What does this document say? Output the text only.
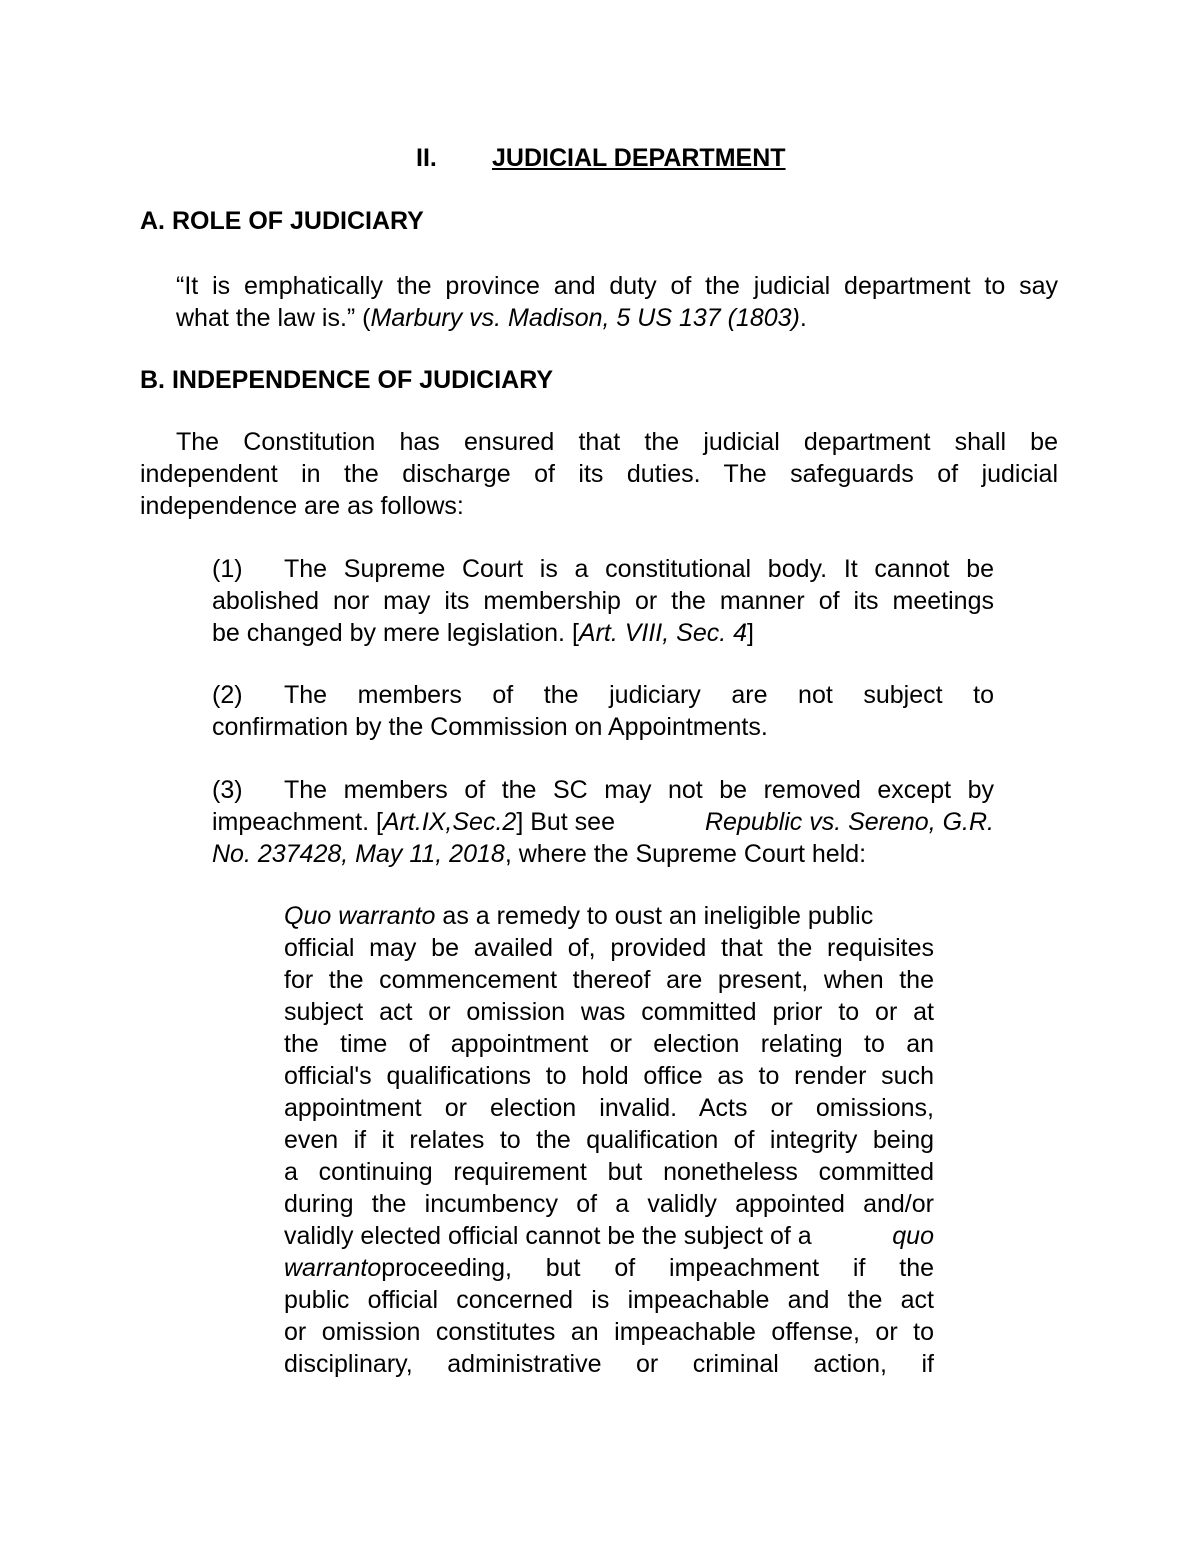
II. JUDICIAL DEPARTMENT
A. ROLE OF JUDICIARY
“It is emphatically the province and duty of the judicial department to say
what the law is.” (Marbury vs. Madison, 5 US 137 (1803).
B. INDEPENDENCE OF JUDICIARY
The Constitution has ensured that the judicial department shall be
independent in the discharge of its duties. The safeguards of judicial
independence are as follows:
(1)	The Supreme Court is a constitutional body. It cannot be
abolished nor may its membership or the manner of its meetings
be changed by mere legislation. [Art. VIII, Sec. 4]
(2)	The members of the judiciary are not subject to
confirmation by the Commission on Appointments.
(3)	The members of the SC may not be removed except by
impeachment. [Art.IX,Sec.2] But see	Republic vs. Sereno, G.R.
No. 237428, May 11, 2018, where the Supreme Court held:
Quo warranto as a remedy to oust an ineligible public
official may be availed of, provided that the requisites
for the commencement thereof are present, when the
subject act or omission was committed prior to or at
the time of appointment or election relating to an
official's qualifications to hold office as to render such
appointment or election invalid. Acts or omissions,
even if it relates to the qualification of integrity being
a continuing requirement but nonetheless committed
during the incumbency of a validly appointed and/or
validly elected official cannot be the subject of a	quo
warranto proceeding, but of impeachment if the
public official concerned is impeachable and the act
or omission constitutes an impeachable offense, or to
disciplinary, administrative or criminal action, if
